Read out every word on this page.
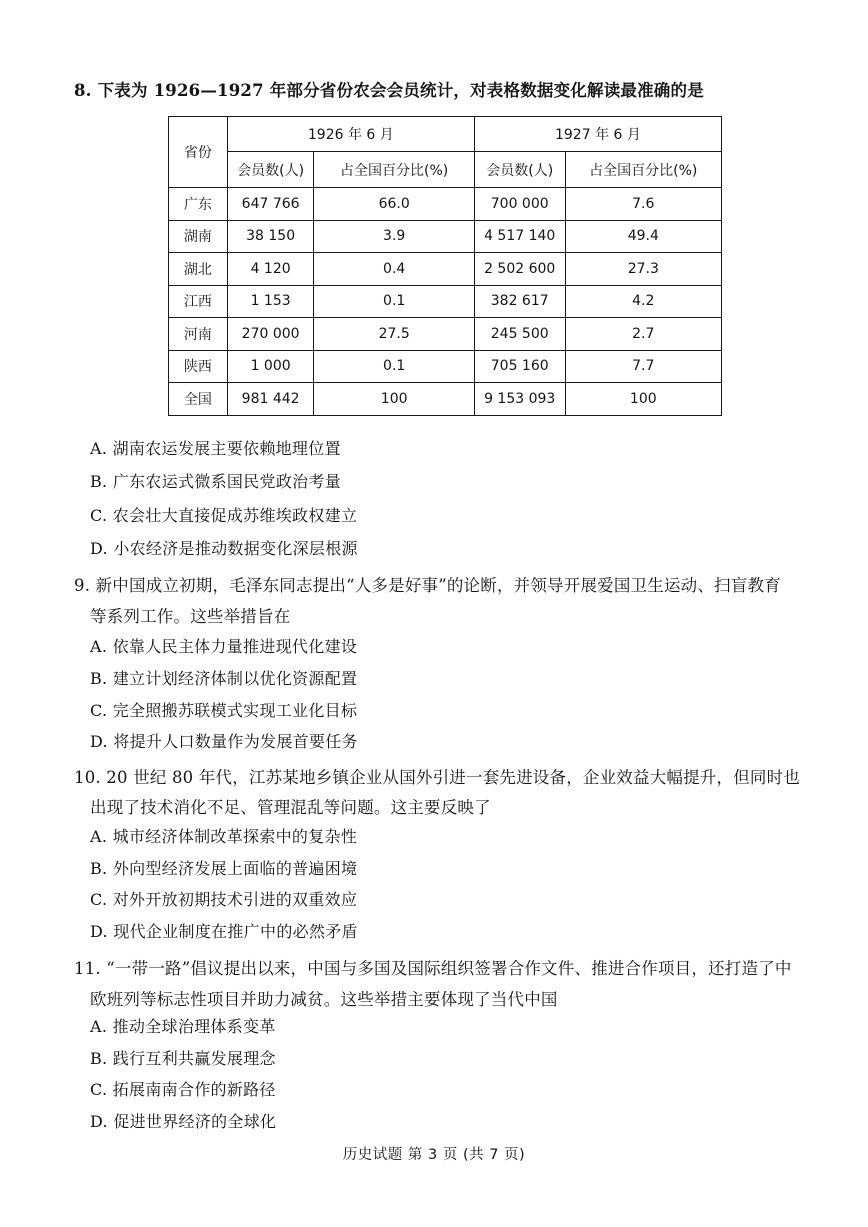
8. 下表为 1926—1927 年部分省份农会会员统计，对表格数据变化解读最准确的是
省份	1926 年 6 月		1927 年 6 月	
	会员数(人)	占全国百分比(%)	会员数(人)	占全国百分比(%)
广东	647 766	66.0	700 000	7.6
湖南	38 150	3.9	4 517 140	49.4
湖北	4 120	0.4	2 502 600	27.3
江西	1 153	0.1	382 617	4.2
河南	270 000	27.5	245 500	2.7
陕西	1 000	0.1	705 160	7.7
全国	981 442	100	9 153 093	100
A. 湖南农运发展主要依赖地理位置
B. 广东农运式微系国民党政治考量
C. 农会壮大直接促成苏维埃政权建立
D. 小农经济是推动数据变化深层根源
9. 新中国成立初期，毛泽东同志提出“人多是好事”的论断，并领导开展爱国卫生运动、扫盲教育
等系列工作。这些举措旨在
A. 依靠人民主体力量推进现代化建设
B. 建立计划经济体制以优化资源配置
C. 完全照搬苏联模式实现工业化目标
D. 将提升人口数量作为发展首要任务
10. 20 世纪 80 年代，江苏某地乡镇企业从国外引进一套先进设备，企业效益大幅提升，但同时也
出现了技术消化不足、管理混乱等问题。这主要反映了
A. 城市经济体制改革探索中的复杂性
B. 外向型经济发展上面临的普遍困境
C. 对外开放初期技术引进的双重效应
D. 现代企业制度在推广中的必然矛盾
11. “一带一路”倡议提出以来，中国与多国及国际组织签署合作文件、推进合作项目，还打造了中
欧班列等标志性项目并助力减贫。这些举措主要体现了当代中国
A. 推动全球治理体系变革
B. 践行互利共赢发展理念
C. 拓展南南合作的新路径
D. 促进世界经济的全球化
历史试题 第 3 页 (共 7 页)
